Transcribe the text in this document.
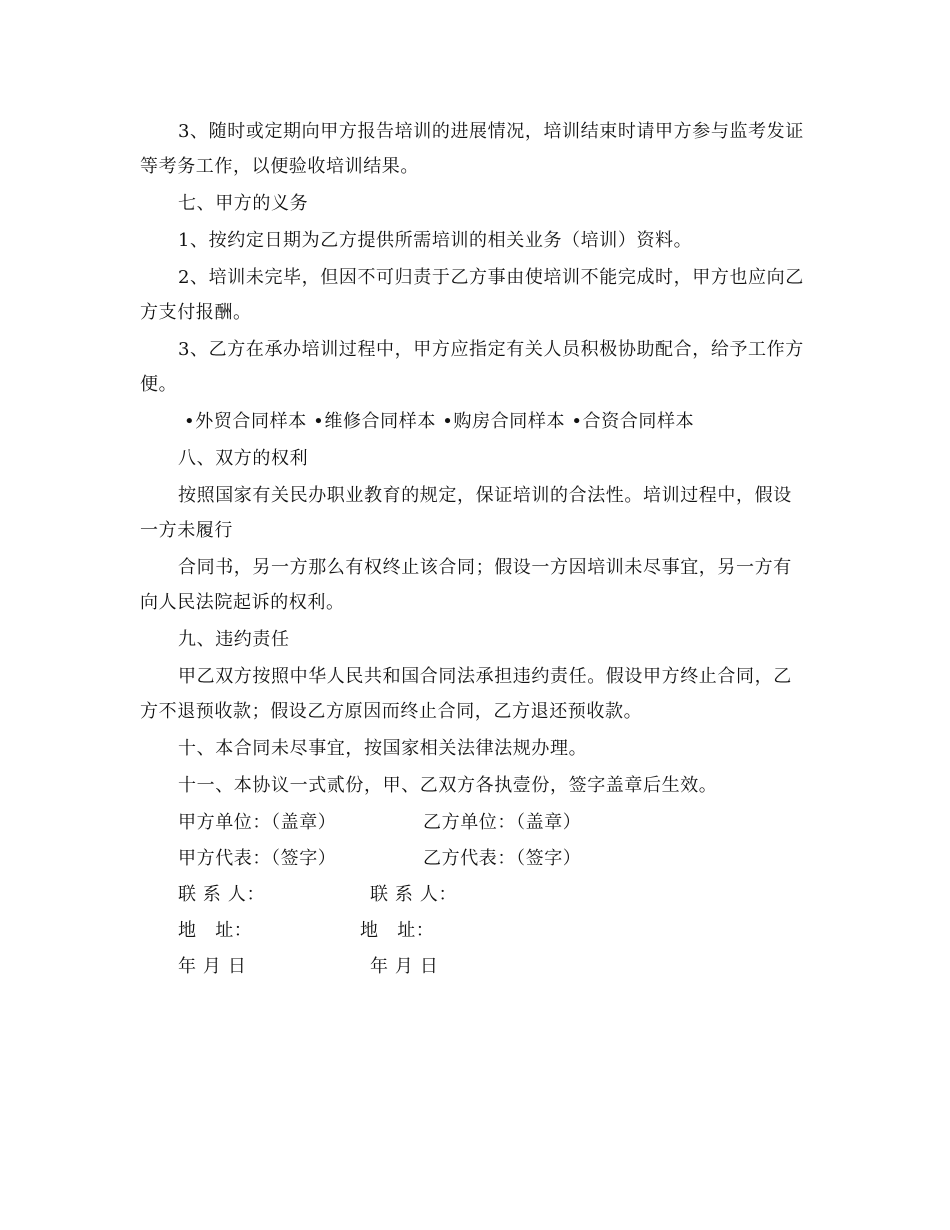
3、随时或定期向甲方报告培训的进展情况，培训结束时请甲方参与监考发证
等考务工作，以便验收培训结果。
七、甲方的义务
1、按约定日期为乙方提供所需培训的相关业务（培训）资料。
2、培训未完毕，但因不可归责于乙方事由使培训不能完成时，甲方也应向乙
方支付报酬。
3、乙方在承办培训过程中，甲方应指定有关人员积极协助配合，给予工作方
便。
•外贸合同样本 •维修合同样本 •购房合同样本 •合资合同样本
八、双方的权利
按照国家有关民办职业教育的规定，保证培训的合法性。培训过程中，假设
一方未履行
合同书，另一方那么有权终止该合同；假设一方因培训未尽事宜，另一方有
向人民法院起诉的权利。
九、违约责任
甲乙双方按照中华人民共和国合同法承担违约责任。假设甲方终止合同，乙
方不退预收款；假设乙方原因而终止合同，乙方退还预收款。
十、本合同未尽事宜，按国家相关法律法规办理。
十一、本协议一式贰份，甲、乙双方各执壹份，签字盖章后生效。
甲方单位：（盖章）	乙方单位：（盖章）
甲方代表：（签字）	乙方代表：（签字）
联 系 人：	联 系 人：
地　址：	地　址：
年 月 日	年 月 日
